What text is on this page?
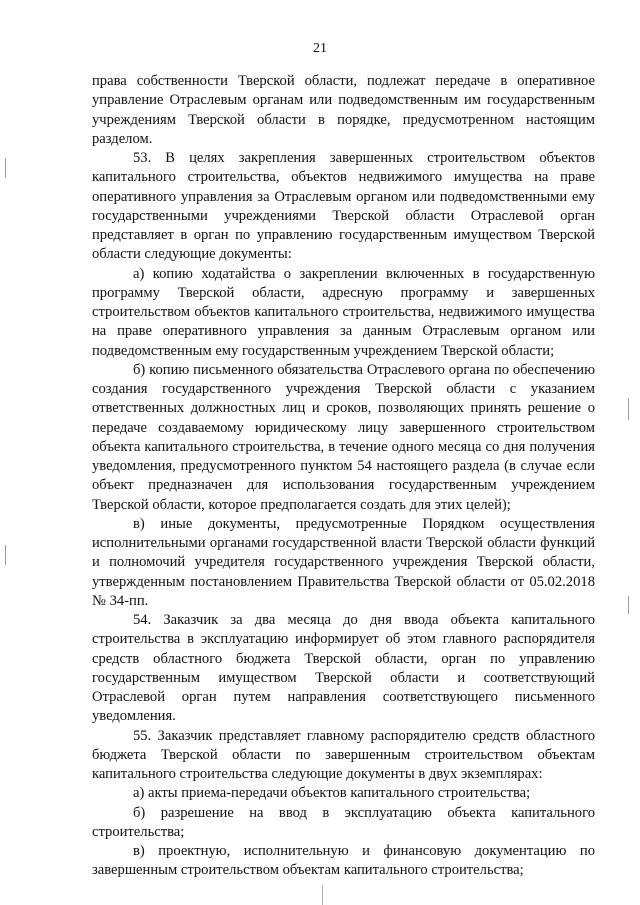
21

права собственности Тверской области, подлежат передаче в оперативное управление Отраслевым органам или подведомственным им государственным учреждениям Тверской области в порядке, предусмотренном настоящим разделом.

53. В целях закрепления завершенных строительством объектов капитального строительства, объектов недвижимого имущества на праве оперативного управления за Отраслевым органом или подведомственными ему государственными учреждениями Тверской области Отраслевой орган представляет в орган по управлению государственным имуществом Тверской области следующие документы:

а) копию ходатайства о закреплении включенных в государственную программу Тверской области, адресную программу и завершенных строительством объектов капитального строительства, недвижимого имущества на праве оперативного управления за данным Отраслевым органом или подведомственным ему государственным учреждением Тверской области;

б) копию письменного обязательства Отраслевого органа по обеспечению создания государственного учреждения Тверской области с указанием ответственных должностных лиц и сроков, позволяющих принять решение о передаче создаваемому юридическому лицу завершенного строительством объекта капитального строительства, в течение одного месяца со дня получения уведомления, предусмотренного пунктом 54 настоящего раздела (в случае если объект предназначен для использования государственным учреждением Тверской области, которое предполагается создать для этих целей);

в) иные документы, предусмотренные Порядком осуществления исполнительными органами государственной власти Тверской области функций и полномочий учредителя государственного учреждения Тверской области, утвержденным постановлением Правительства Тверской области от 05.02.2018 № 34-пп.

54. Заказчик за два месяца до дня ввода объекта капитального строительства в эксплуатацию информирует об этом главного распорядителя средств областного бюджета Тверской области, орган по управлению государственным имуществом Тверской области и соответствующий Отраслевой орган путем направления соответствующего письменного уведомления.

55. Заказчик представляет главному распорядителю средств областного бюджета Тверской области по завершенным строительством объектам капитального строительства следующие документы в двух экземплярах:

а) акты приема-передачи объектов капитального строительства;

б) разрешение на ввод в эксплуатацию объекта капитального строительства;

в) проектную, исполнительную и финансовую документацию по завершенным строительством объектам капитального строительства;
